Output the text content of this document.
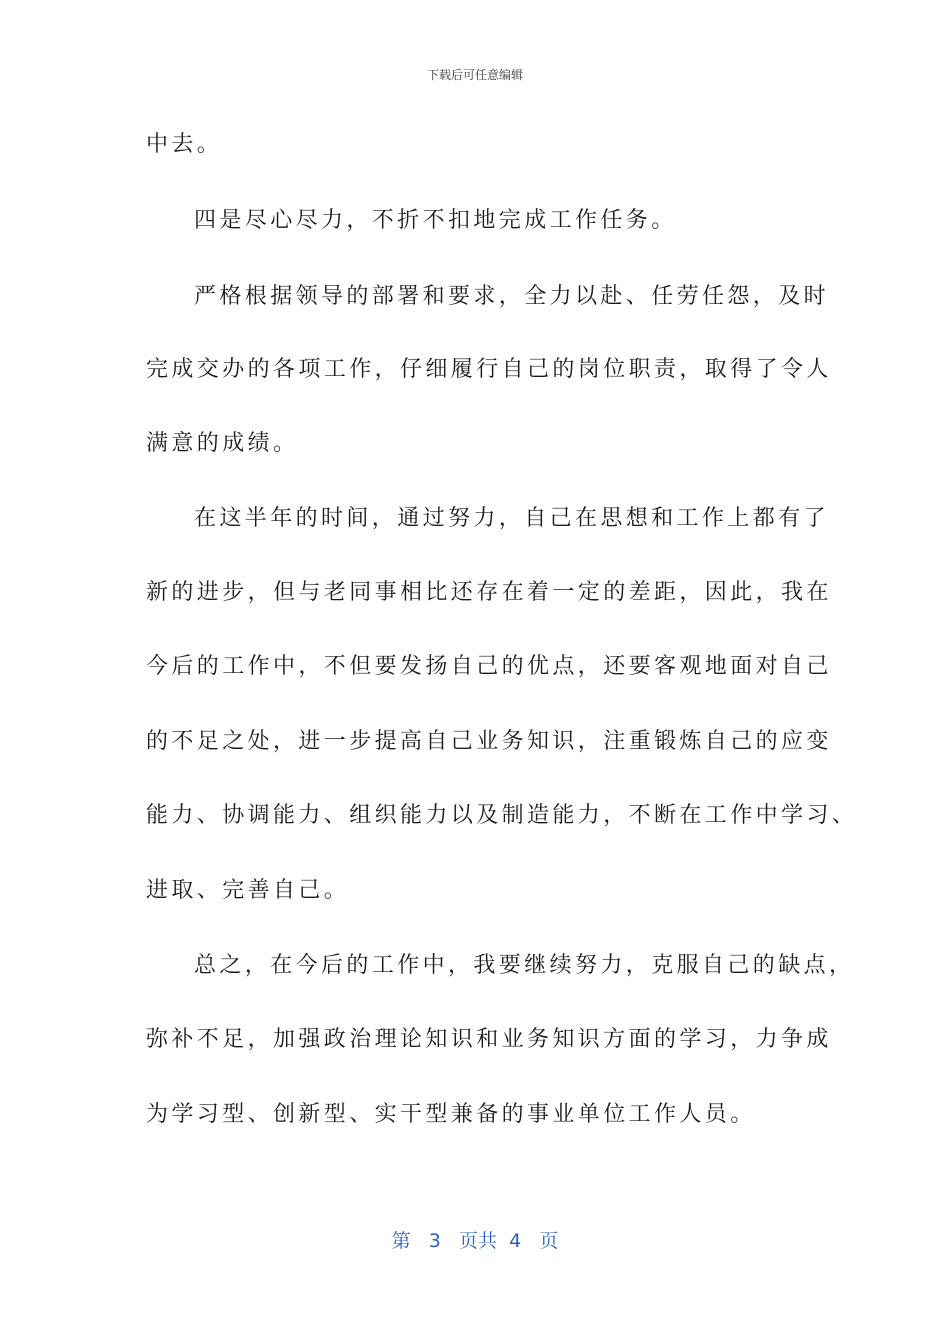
下载后可任意编辑
中去。
四是尽心尽力，不折不扣地完成工作任务。
严格根据领导的部署和要求，全力以赴、任劳任怨，及时
完成交办的各项工作，仔细履行自己的岗位职责，取得了令人
满意的成绩。
在这半年的时间，通过努力，自己在思想和工作上都有了
新的进步，但与老同事相比还存在着一定的差距，因此，我在
今后的工作中，不但要发扬自己的优点，还要客观地面对自己
的不足之处，进一步提高自己业务知识，注重锻炼自己的应变
能力、协调能力、组织能力以及制造能力，不断在工作中学习、
进取、完善自己。
总之，在今后的工作中，我要继续努力，克服自己的缺点，
弥补不足，加强政治理论知识和业务知识方面的学习，力争成
为学习型、创新型、实干型兼备的事业单位工作人员。
第 3 页共 4 页
